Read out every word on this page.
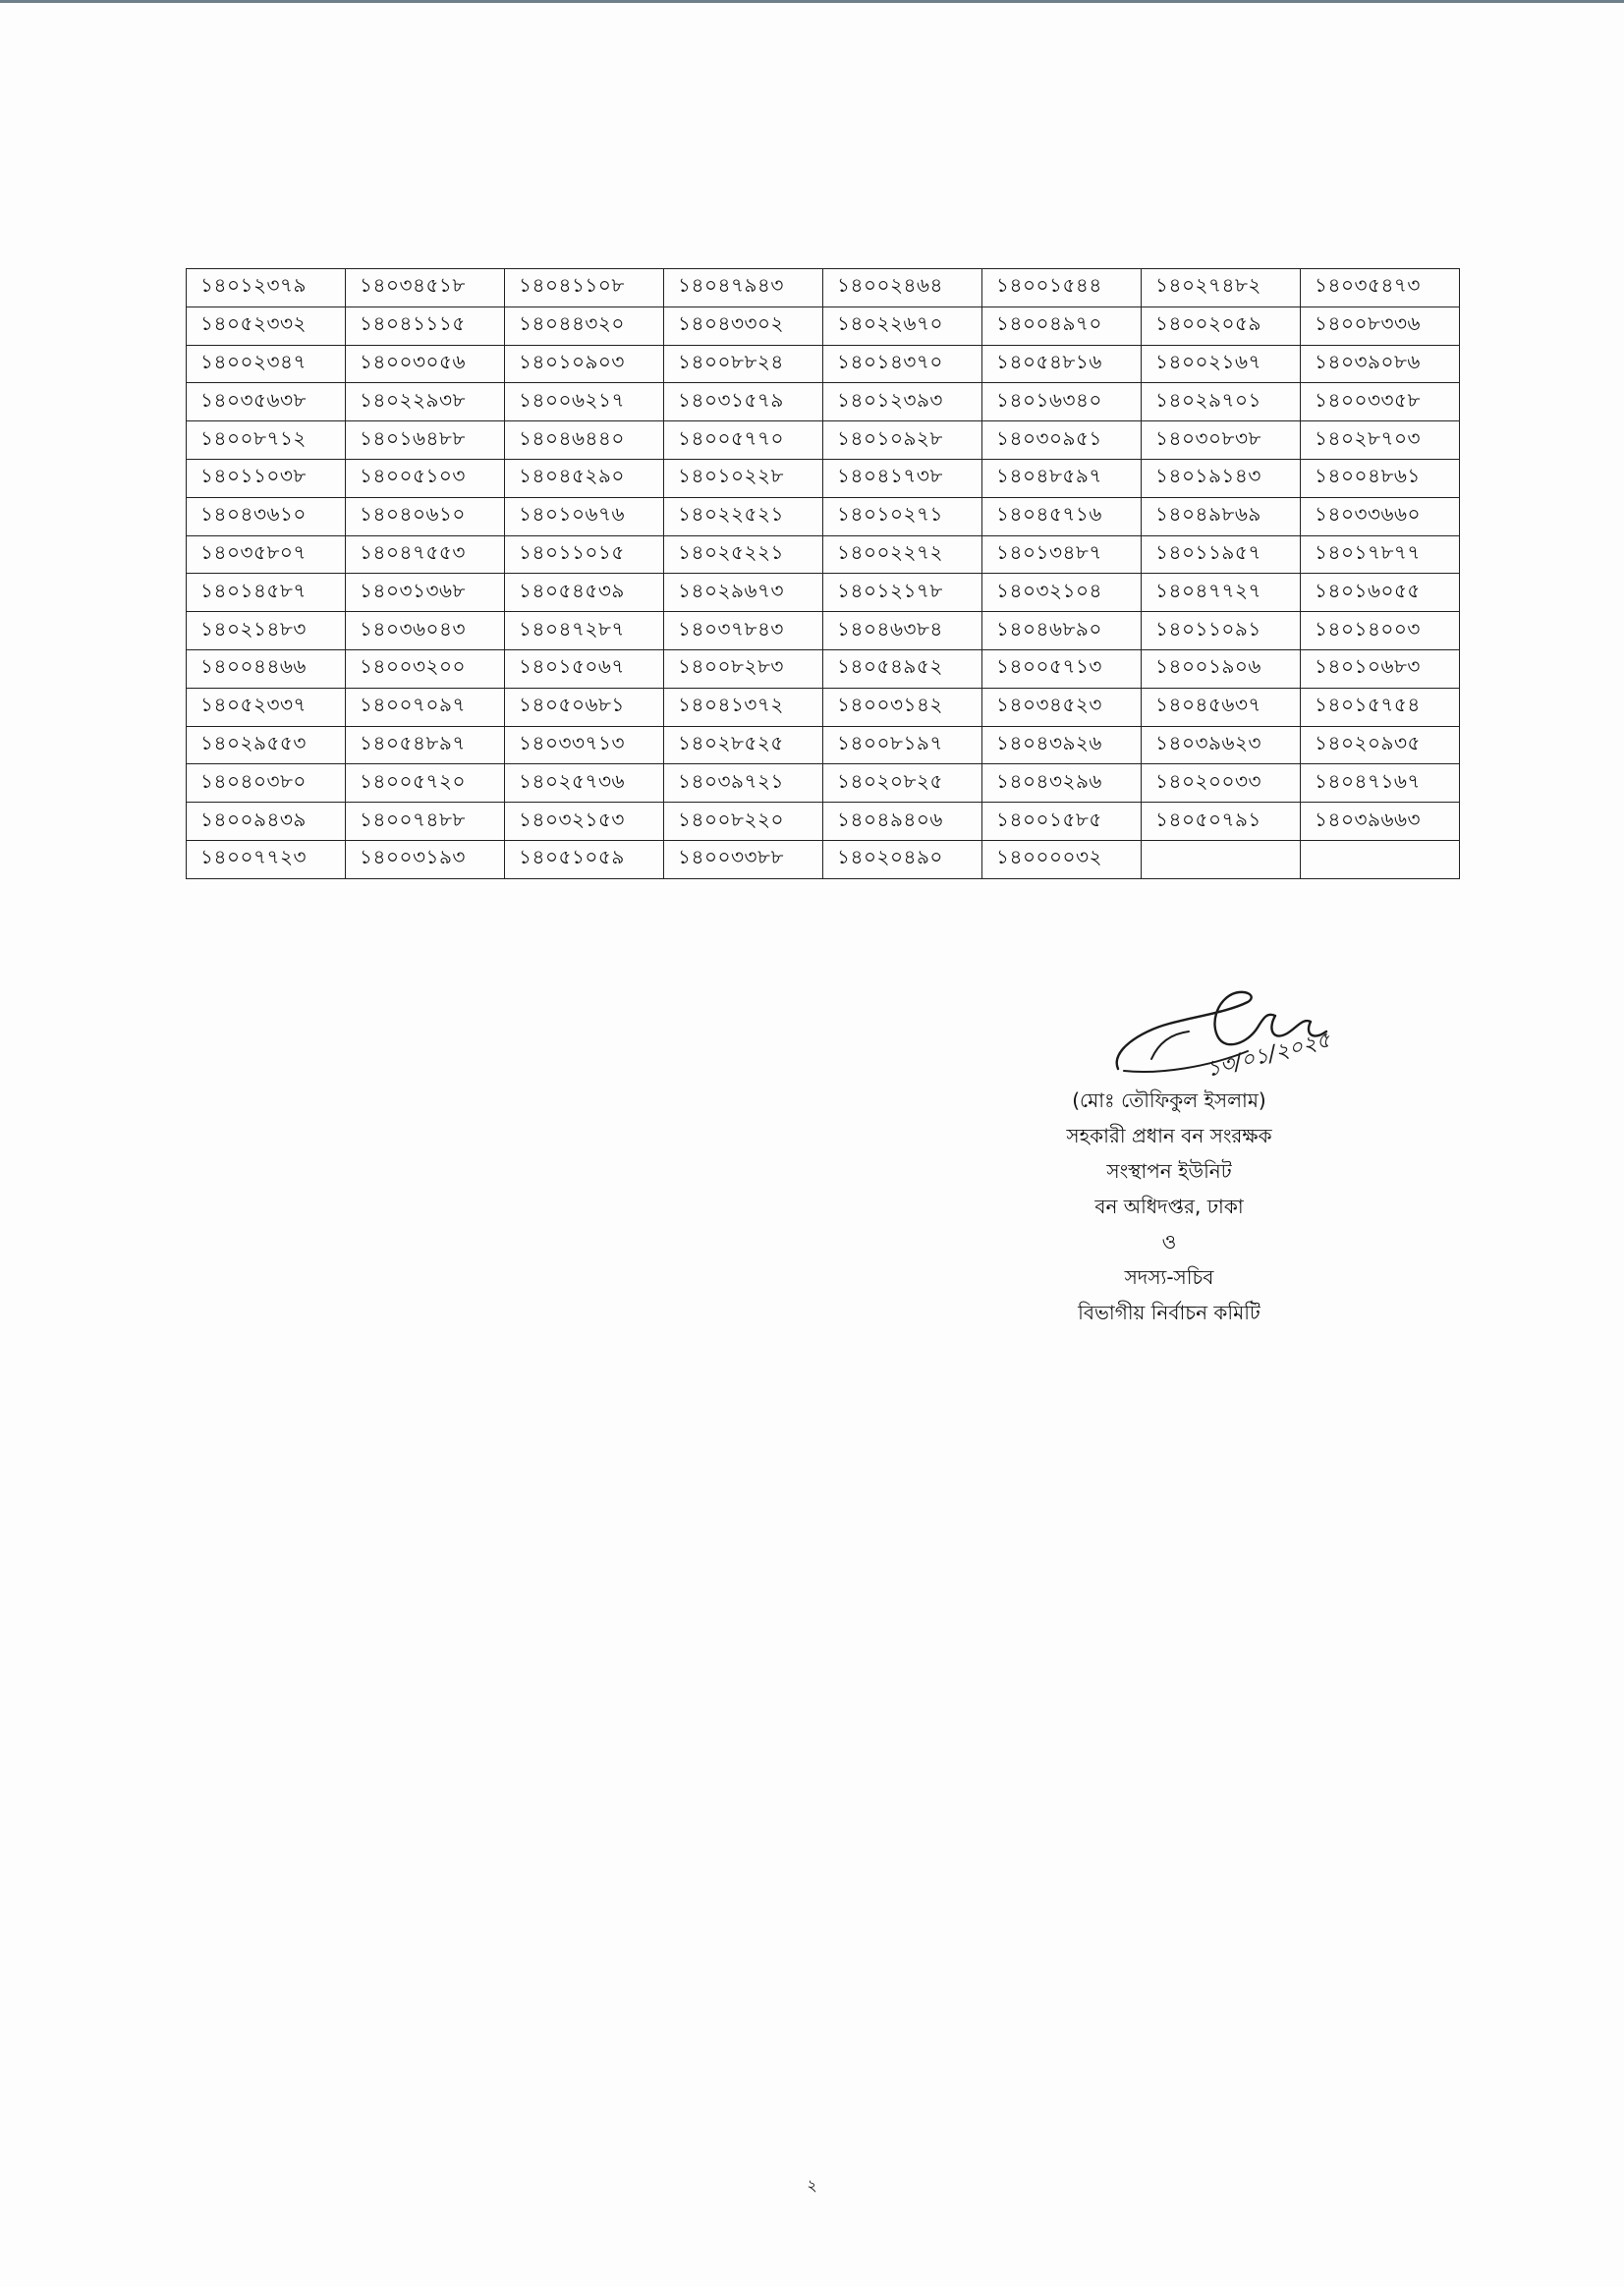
১৪০১২৩৭৯	১৪০৩৪৫১৮	১৪০৪১১০৮	১৪০৪৭৯৪৩	১৪০০২৪৬৪	১৪০০১৫৪৪	১৪০২৭৪৮২	১৪০৩৫৪৭৩
১৪০৫২৩৩২	১৪০৪১১১৫	১৪০৪৪৩২০	১৪০৪৩৩০২	১৪০২২৬৭০	১৪০০৪৯৭০	১৪০০২০৫৯	১৪০০৮৩৩৬
১৪০০২৩৪৭	১৪০০৩০৫৬	১৪০১০৯০৩	১৪০০৮৮২৪	১৪০১৪৩৭০	১৪০৫৪৮১৬	১৪০০২১৬৭	১৪০৩৯০৮৬
১৪০৩৫৬৩৮	১৪০২২৯৩৮	১৪০০৬২১৭	১৪০৩১৫৭৯	১৪০১২৩৯৩	১৪০১৬৩৪০	১৪০২৯৭০১	১৪০০৩৩৫৮
১৪০০৮৭১২	১৪০১৬৪৮৮	১৪০৪৬৪৪০	১৪০০৫৭৭০	১৪০১০৯২৮	১৪০৩০৯৫১	১৪০৩০৮৩৮	১৪০২৮৭০৩
১৪০১১০৩৮	১৪০০৫১০৩	১৪০৪৫২৯০	১৪০১০২২৮	১৪০৪১৭৩৮	১৪০৪৮৫৯৭	১৪০১৯১৪৩	১৪০০৪৮৬১
১৪০৪৩৬১০	১৪০৪০৬১০	১৪০১০৬৭৬	১৪০২২৫২১	১৪০১০২৭১	১৪০৪৫৭১৬	১৪০৪৯৮৬৯	১৪০৩৩৬৬০
১৪০৩৫৮০৭	১৪০৪৭৫৫৩	১৪০১১০১৫	১৪০২৫২২১	১৪০০২২৭২	১৪০১৩৪৮৭	১৪০১১৯৫৭	১৪০১৭৮৭৭
১৪০১৪৫৮৭	১৪০৩১৩৬৮	১৪০৫৪৫৩৯	১৪০২৯৬৭৩	১৪০১২১৭৮	১৪০৩২১০৪	১৪০৪৭৭২৭	১৪০১৬০৫৫
১৪০২১৪৮৩	১৪০৩৬০৪৩	১৪০৪৭২৮৭	১৪০৩৭৮৪৩	১৪০৪৬৩৮৪	১৪০৪৬৮৯০	১৪০১১০৯১	১৪০১৪০০৩
১৪০০৪৪৬৬	১৪০০৩২০০	১৪০১৫০৬৭	১৪০০৮২৮৩	১৪০৫৪৯৫২	১৪০০৫৭১৩	১৪০০১৯০৬	১৪০১০৬৮৩
১৪০৫২৩৩৭	১৪০০৭০৯৭	১৪০৫০৬৮১	১৪০৪১৩৭২	১৪০০৩১৪২	১৪০৩৪৫২৩	১৪০৪৫৬৩৭	১৪০১৫৭৫৪
১৪০২৯৫৫৩	১৪০৫৪৮৯৭	১৪০৩৩৭১৩	১৪০২৮৫২৫	১৪০০৮১৯৭	১৪০৪৩৯২৬	১৪০৩৯৬২৩	১৪০২০৯৩৫
১৪০৪০৩৮০	১৪০০৫৭২০	১৪০২৫৭৩৬	১৪০৩৯৭২১	১৪০২০৮২৫	১৪০৪৩২৯৬	১৪০২০০৩৩	১৪০৪৭১৬৭
১৪০০৯৪৩৯	১৪০০৭৪৮৮	১৪০৩২১৫৩	১৪০০৮২২০	১৪০৪৯৪০৬	১৪০০১৫৮৫	১৪০৫০৭৯১	১৪০৩৯৬৬৩
১৪০০৭৭২৩	১৪০০৩১৯৩	১৪০৫১০৫৯	১৪০০৩৩৮৮	১৪০২০৪৯০	১৪০০০০৩২		
১৩/০১/২০২৫
(মোঃ তৌফিকুল ইসলাম)
সহকারী প্রধান বন সংরক্ষক
সংস্থাপন ইউনিট
বন অধিদপ্তর, ঢাকা
ও
সদস্য-সচিব
বিভাগীয় নির্বাচন কমিটি
২
